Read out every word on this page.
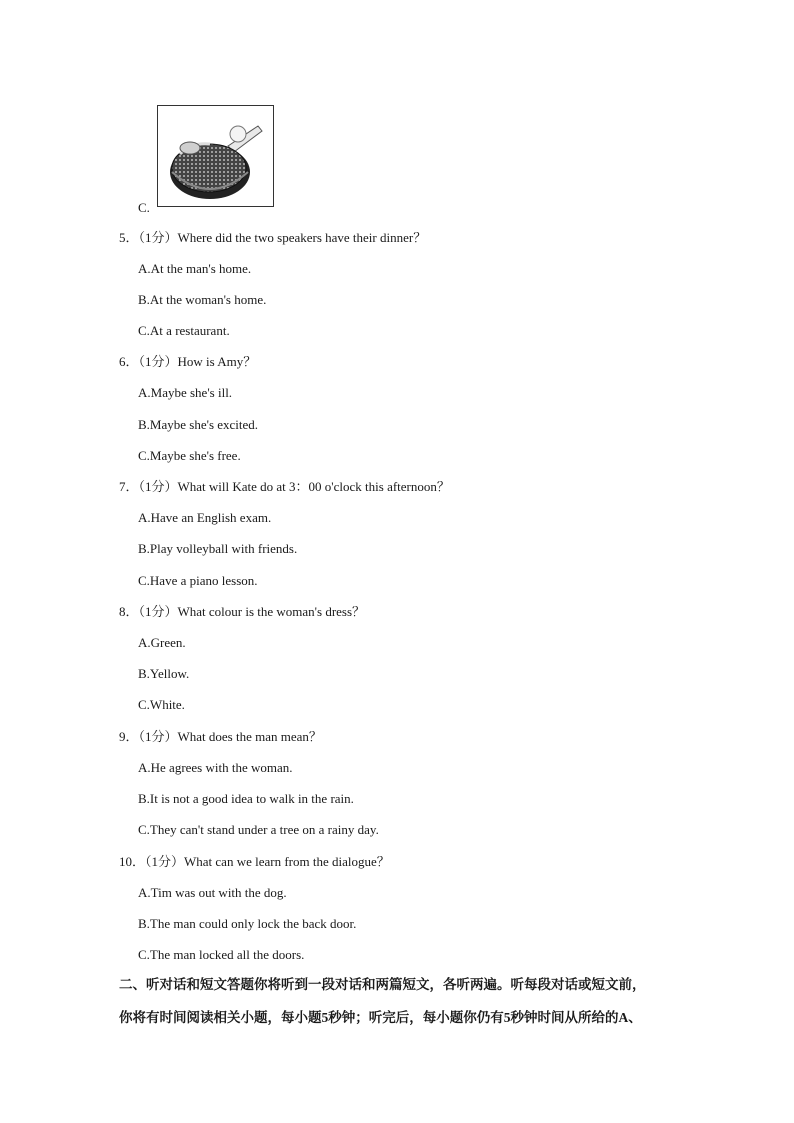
C.
5．（1分）Where did the two speakers have their dinner？
A.At the man's home.
B.At the woman's home.
C.At a restaurant.
6．（1分）How is Amy？
A.Maybe she's ill.
B.Maybe she's excited.
C.Maybe she's free.
7．（1分）What will Kate do at 3：00 o'clock this afternoon？
A.Have an English exam.
B.Play volleyball with friends.
C.Have a piano lesson.
8．（1分）What colour is the woman's dress？
A.Green.
B.Yellow.
C.White.
9．（1分）What does the man mean？
A.He agrees with the woman.
B.It is not a good idea to walk in the rain.
C.They can't stand under a tree on a rainy day.
10．（1分）What can we learn from the dialogue？
A.Tim was out with the dog.
B.The man could only lock the back door.
C.The man locked all the doors.
二、听对话和短文答题你将听到一段对话和两篇短文，各听两遍。听每段对话或短文前，
你将有时间阅读相关小题，每小题5秒钟；听完后，每小题你仍有5秒钟时间从所给的A、
